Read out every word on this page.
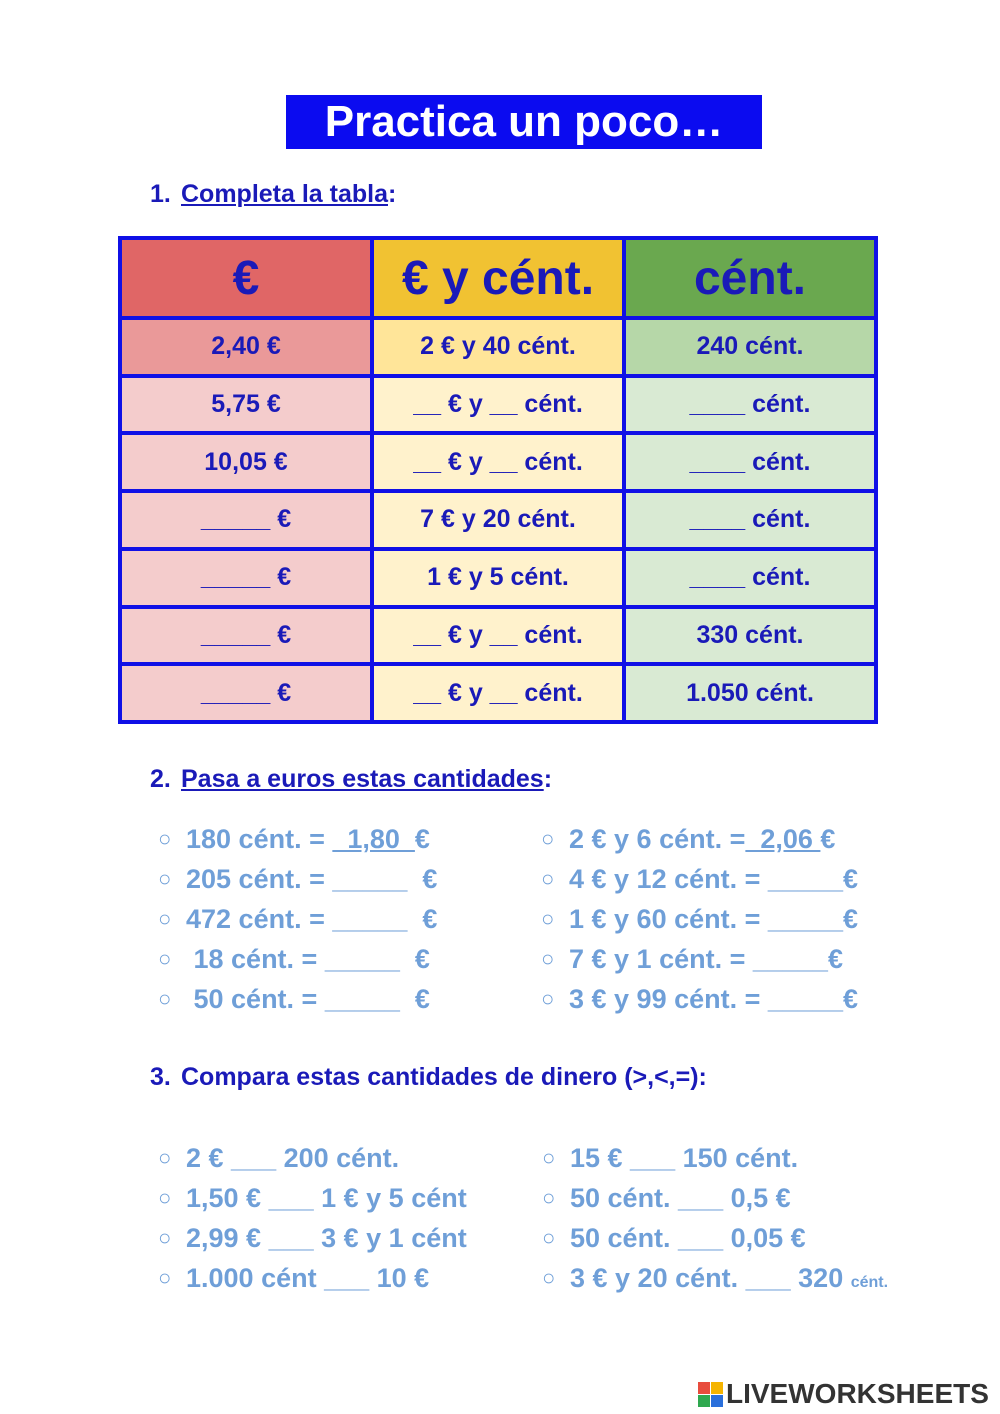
Practica un poco…
1. Completa la tabla:
€	€ y cént.	cént.
2,40 €	2 € y 40 cént.	240 cént.
5,75 €	__ € y __ cént.	____ cént.
10,05 €	__ € y __ cént.	____ cént.
_____ €	7 € y 20 cént.	____ cént.
_____ €	1 € y 5 cént.	____ cént.
_____ €	__ € y __ cént.	330 cént.
_____ €	__ € y __ cént.	1.050 cént.
2. Pasa a euros estas cantidades:
○ 180 cént. =   1,80  €
○ 205 cént. = _____  €
○ 472 cént. = _____  €
○ 18 cént. = _____  €
○ 50 cént. = _____  €
○ 2 € y 6 cént. =  2,06 €
○ 4 € y 12 cént. = _____€
○ 1 € y 60 cént. = _____€
○ 7 € y 1 cént. = _____€
○ 3 € y 99 cént. = _____€
3. Compara estas cantidades de dinero (>,<,=):
○ 2 € ___ 200 cént.
○ 1,50 € ___ 1 € y 5 cént
○ 2,99 € ___ 3 € y 1 cént
○ 1.000 cént ___ 10 €
○ 15 € ___ 150 cént.
○ 50 cént. ___ 0,5 €
○ 50 cént. ___ 0,05 €
○ 3 € y 20 cént. ___ 320 cént.
LIVEWORKSHEETS
